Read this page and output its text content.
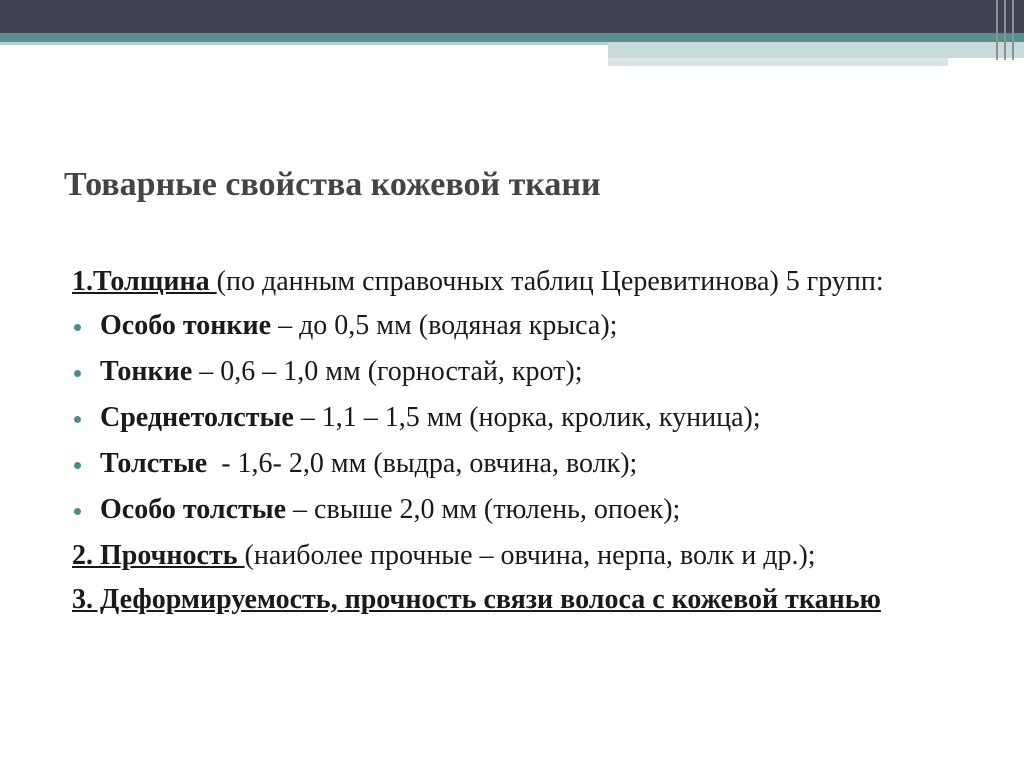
Товарные свойства кожевой ткани

1.Толщина (по данным справочных таблиц Церевитинова) 5 групп:

Особо тонкие – до 0,5 мм (водяная крыса);
Тонкие – 0,6 – 1,0 мм (горностай, крот);
Среднетолстые – 1,1 – 1,5 мм (норка, кролик, куница);
Толстые  - 1,6- 2,0 мм (выдра, овчина, волк);
Особо толстые – свыше 2,0 мм (тюлень, опоек);

2. Прочность (наиболее прочные – овчина, нерпа, волк и др.);

3. Деформируемость, прочность связи волоса с кожевой тканью
